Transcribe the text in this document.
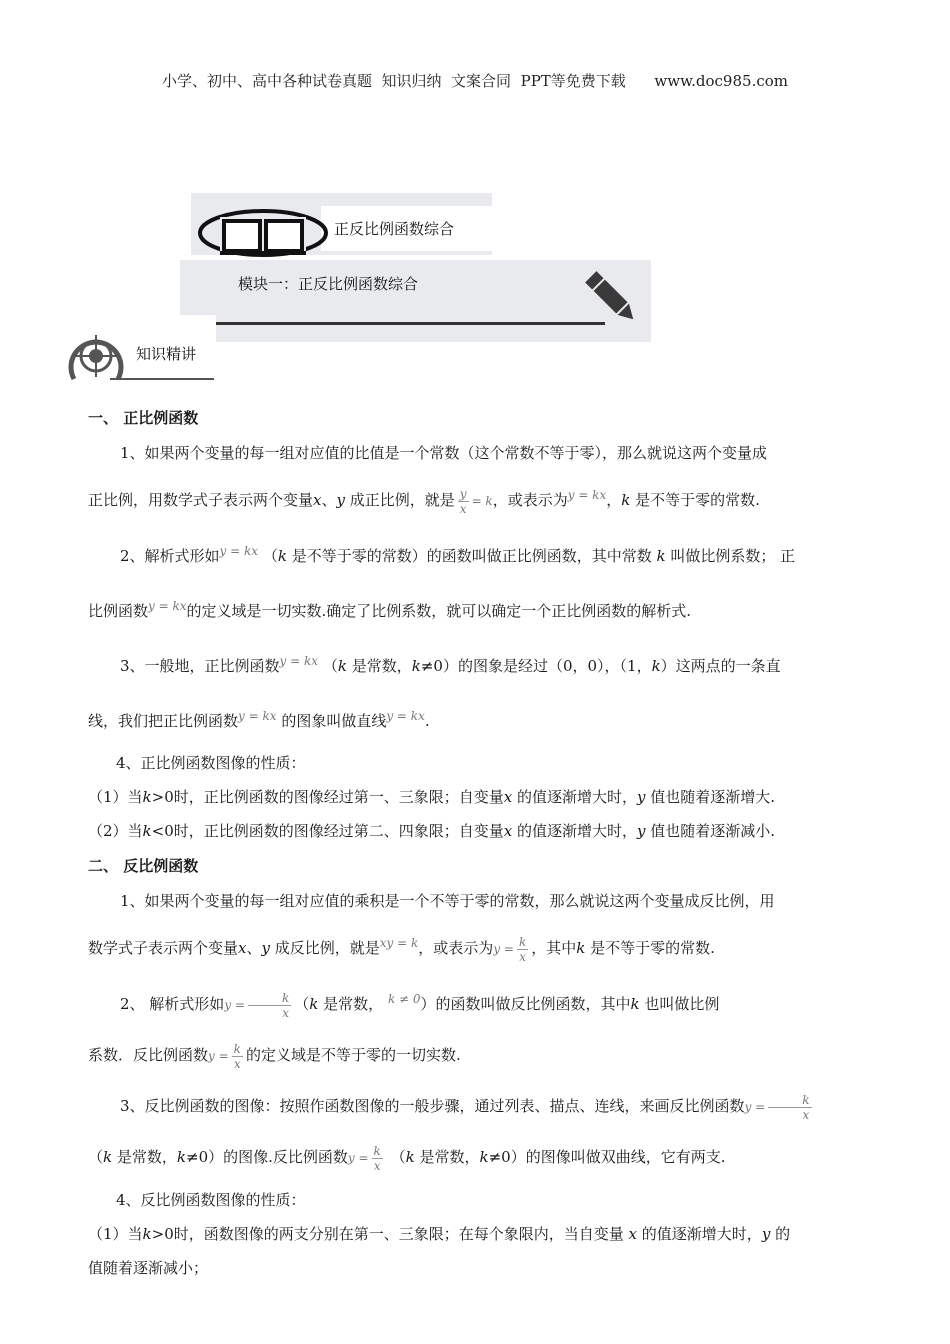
小学、初中、高中各种试卷真题  知识归纳  文案合同  PPT等免费下载      www.doc985.com
正反比例函数综合
模块一：正反比例函数综合
知识精讲

一、 正比例函数

1、如果两个变量的每一组对应值的比值是一个常数（这个常数不等于零），那么就说这两个变量成

正比例，用数学式子表示两个变量x、y 成正比例，就是 $\frac{y}{x} = k$，或表示为$^{y = kx}$，k 是不等于零的常数.

2、解析式形如$^{y = kx}$ （k 是不等于零的常数）的函数叫做正比例函数，其中常数 k 叫做比例系数； 正

比例函数$^{y = kx}$的定义域是一切实数.确定了比例系数，就可以确定一个正比例函数的解析式.

3、一般地，正比例函数$^{y = kx}$ （k 是常数，k≠0）的图象是经过（0，0），（1，k）这两点的一条直

线，我们把正比例函数$^{y = kx}$ 的图象叫做直线$^{y = kx}$.

4、正比例函数图像的性质：

（1）当k>0时，正比例函数的图像经过第一、三象限；自变量x 的值逐渐增大时，y 值也随着逐渐增大.

（2）当k<0时，正比例函数的图像经过第二、四象限；自变量x 的值逐渐增大时，y 值也随着逐渐减小.

二、 反比例函数

1、如果两个变量的每一组对应值的乘积是一个不等于零的常数，那么就说这两个变量成反比例，用

数学式子表示两个变量x、y 成反比例，就是$^{xy = k}$，或表示为$y = \frac{k}{x}$ ，其中k 是不等于零的常数.

2、 解析式形如$y = \frac{k}{x} (k$ 是常数， $^{k \ne 0}$）的函数叫做反比例函数，其中k 也叫做比例

系数．反比例函数$y = \frac{k}{x}$ 的定义域是不等于零的一切实数.

3、反比例函数的图像：按照作函数图像的一般步骤，通过列表、描点、连线，来画反比例函数$y = \frac{k}{x}$

（k 是常数，k≠0）的图像.反比例函数$y = \frac{k}{x} (k$ 是常数，k≠0）的图像叫做双曲线，它有两支.

4、反比例函数图像的性质：

（1）当k>0时，函数图像的两支分别在第一、三象限；在每个象限内，当自变量 x 的值逐渐增大时，y 的

值随着逐渐减小；
